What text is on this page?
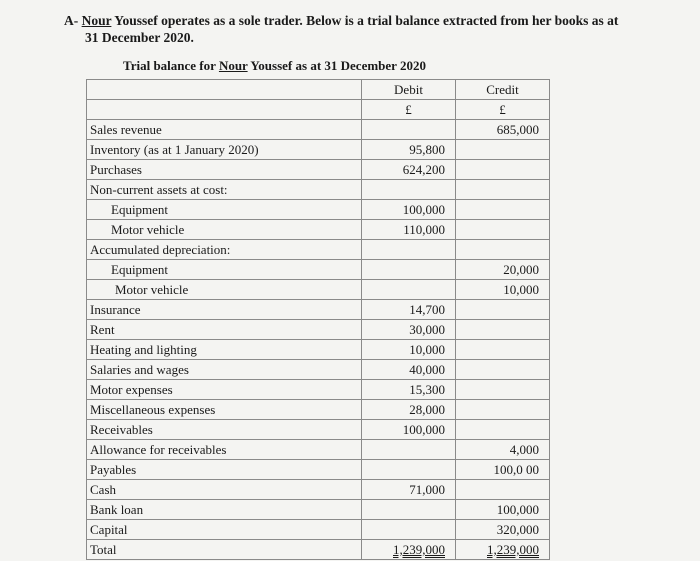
A- Nour Youssef operates as a sole trader. Below is a trial balance extracted from her books as at
31 December 2020.
Trial balance for Nour Youssef as at 31 December 2020
	Debit	Credit
	£	£
Sales revenue		685,000
Inventory (as at 1 January 2020)	95,800	
Purchases	624,200	
Non-current assets at cost:		
Equipment	100,000	
Motor vehicle	110,000	
Accumulated depreciation:		
Equipment		20,000
Motor vehicle		10,000
Insurance	14,700	
Rent	30,000	
Heating and lighting	10,000	
Salaries and wages	40,000	
Motor expenses	15,300	
Miscellaneous expenses	28,000	
Receivables	100,000	
Allowance for receivables		4,000
Payables		100,0 00
Cash	71,000	
Bank loan		100,000
Capital		320,000
Total	1,239,000	1,239,000
